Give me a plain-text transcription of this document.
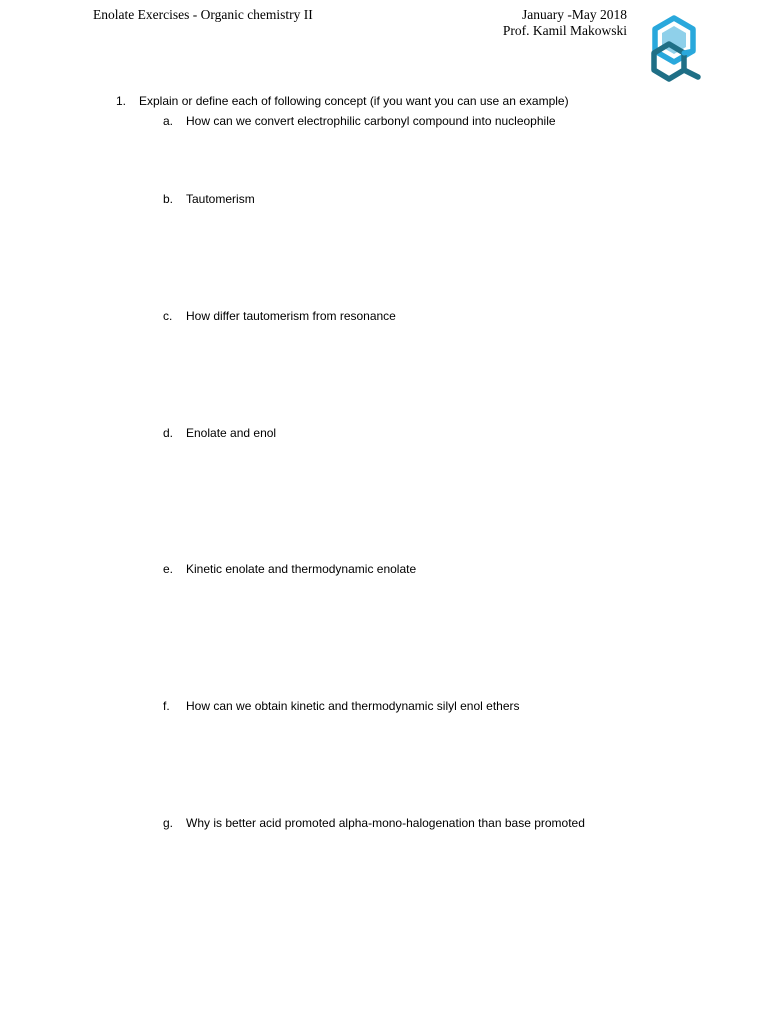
Enolate Exercises - Organic chemistry II	January -May 2018
Prof. Kamil Makowski
1. Explain or define each of following concept (if you want you can use an example)
a. How can we convert electrophilic carbonyl compound into nucleophile
b. Tautomerism
c. How differ tautomerism from resonance
d. Enolate and enol
e. Kinetic enolate and thermodynamic enolate
f. How can we obtain kinetic and thermodynamic silyl enol ethers
g. Why is better acid promoted alpha-mono-halogenation than base promoted
